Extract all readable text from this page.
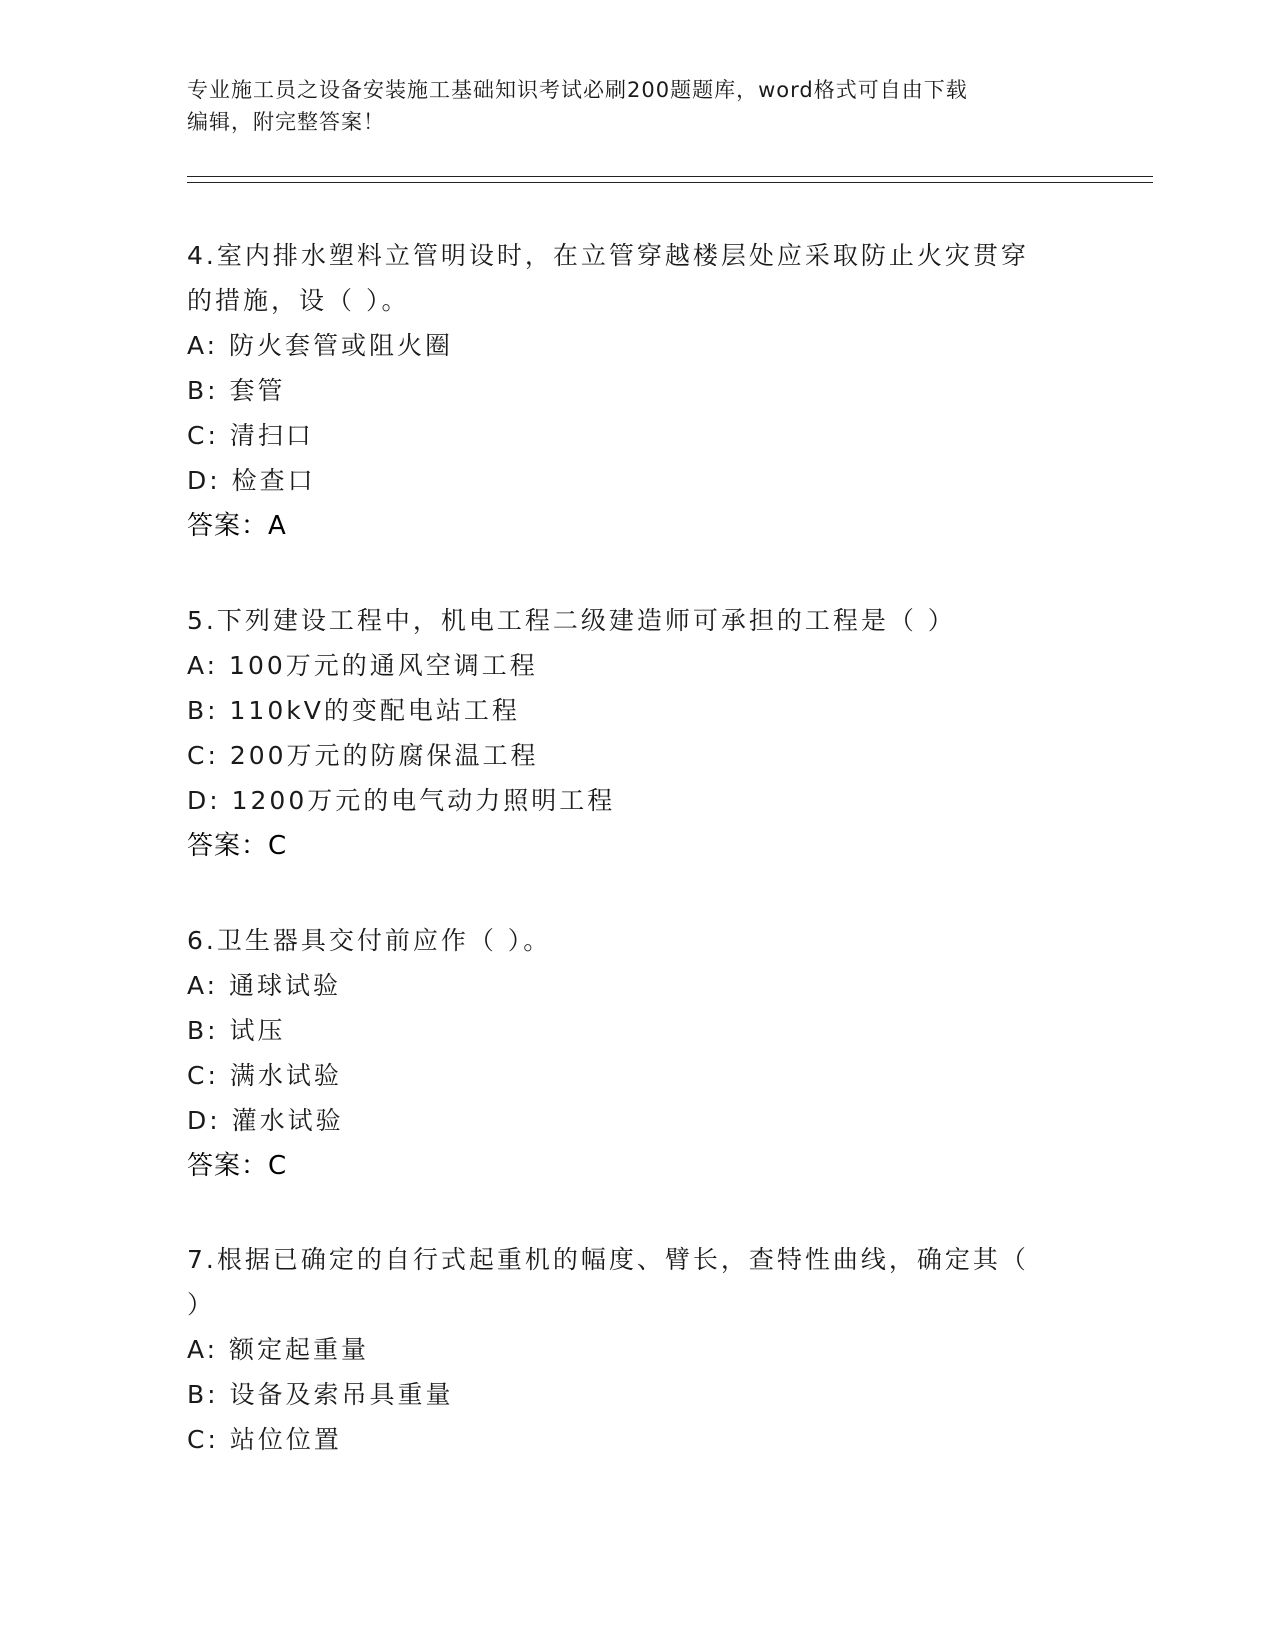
专业施工员之设备安装施工基础知识考试必刷200题题库，word格式可自由下载
编辑，附完整答案！
4.室内排水塑料立管明设时，在立管穿越楼层处应采取防止火灾贯穿
的措施，设（ ）。
A: 防火套管或阻火圈
B: 套管
C: 清扫口
D: 检查口
答案：A
5.下列建设工程中，机电工程二级建造师可承担的工程是（ ）
A: 100万元的通风空调工程
B: 110kV的变配电站工程
C: 200万元的防腐保温工程
D: 1200万元的电气动力照明工程
答案：C
6.卫生器具交付前应作（ ）。
A: 通球试验
B: 试压
C: 满水试验
D: 灌水试验
答案：C
7.根据已确定的自行式起重机的幅度、臂长，查特性曲线，确定其（
）
A: 额定起重量
B: 设备及索吊具重量
C: 站位位置
